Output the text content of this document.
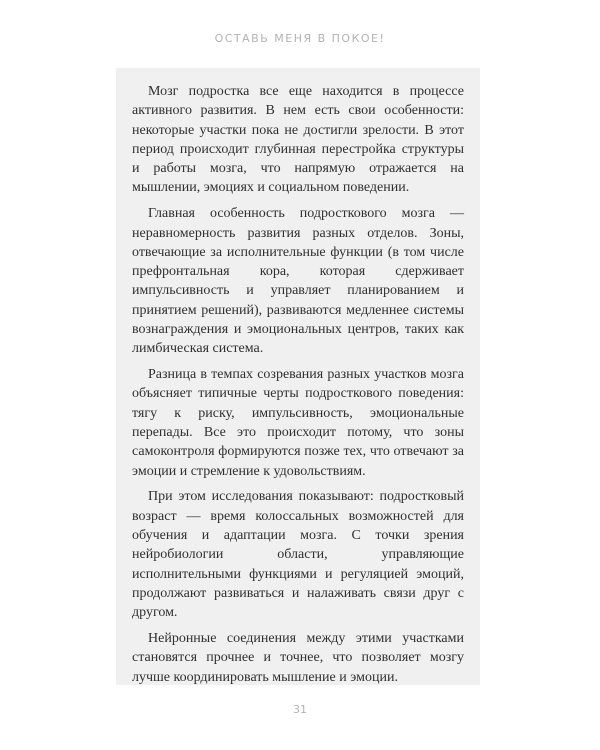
ОСТАВЬ МЕНЯ В ПОКОЕ!

Мозг подростка все еще находится в процессе активного развития. В нем есть свои особенности: некоторые участки пока не достигли зрелости. В этот период происходит глубинная перестройка структуры и работы мозга, что напрямую отражается на мышлении, эмоциях и социальном поведении.

Главная особенность подросткового мозга — неравномерность развития разных отделов. Зоны, отвечающие за исполнительные функции (в том числе префронтальная кора, которая сдерживает импульсивность и управляет планированием и принятием решений), развиваются медленнее системы вознаграждения и эмоциональных центров, таких как лимбическая система.

Разница в темпах созревания разных участков мозга объясняет типичные черты подросткового поведения: тягу к риску, импульсивность, эмоциональные перепады. Все это происходит потому, что зоны самоконтроля формируются позже тех, что отвечают за эмоции и стремление к удовольствиям.

При этом исследования показывают: подростковый возраст — время колоссальных возможностей для обучения и адаптации мозга. С точки зрения нейробиологии области, управляющие исполнительными функциями и регуляцией эмоций, продолжают развиваться и налаживать связи друг с другом.

Нейронные соединения между этими участками становятся прочнее и точнее, что позволяет мозгу лучше координировать мышление и эмоции.

31
